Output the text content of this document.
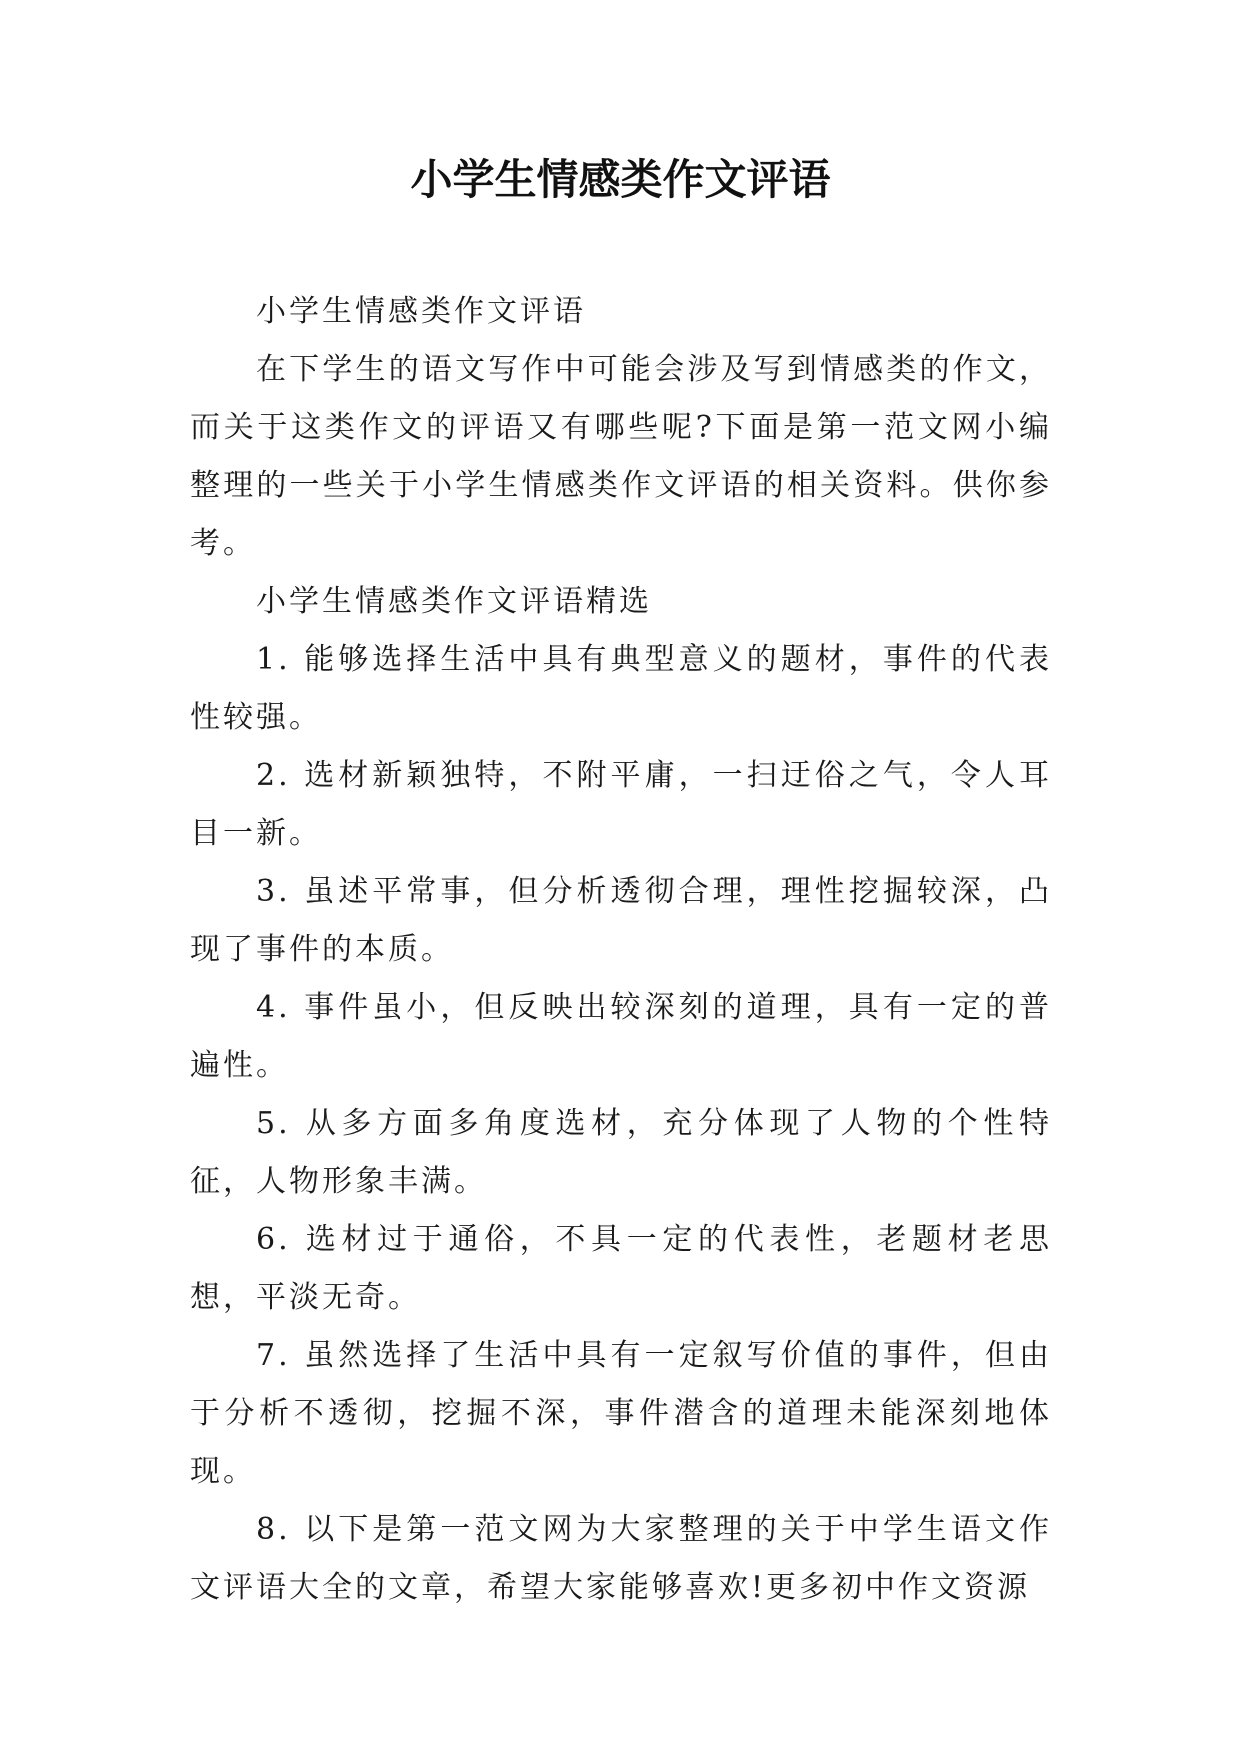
小学生情感类作文评语

小学生情感类作文评语

在下学生的语文写作中可能会涉及写到情感类的作文，而关于这类作文的评语又有哪些呢?下面是第一范文网小编整理的一些关于小学生情感类作文评语的相关资料。供你参考。

小学生情感类作文评语精选

1. 能够选择生活中具有典型意义的题材，事件的代表性较强。

2. 选材新颖独特，不附平庸，一扫迂俗之气，令人耳目一新。

3. 虽述平常事，但分析透彻合理，理性挖掘较深，凸现了事件的本质。

4. 事件虽小，但反映出较深刻的道理，具有一定的普遍性。

5. 从多方面多角度选材，充分体现了人物的个性特征，人物形象丰满。

6. 选材过于通俗，不具一定的代表性，老题材老思想，平淡无奇。

7. 虽然选择了生活中具有一定叙写价值的事件，但由于分析不透彻，挖掘不深，事件潜含的道理未能深刻地体现。

8. 以下是第一范文网为大家整理的关于中学生语文作文评语大全的文章，希望大家能够喜欢!更多初中作文资源
